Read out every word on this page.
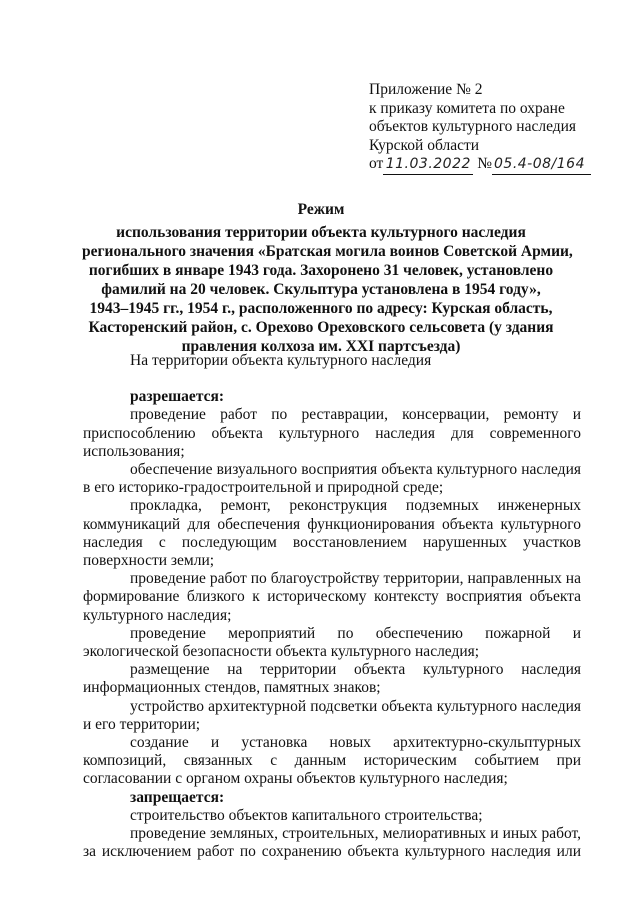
Приложение № 2
к приказу комитета по охране
объектов культурного наследия
Курской области
от 11.03.2022 № 05.4-08/164
Режим
использования территории объекта культурного наследия
регионального значения «Братская могила воинов Советской Армии,
погибших в январе 1943 года. Захоронено 31 человек, установлено
фамилий на 20 человек. Скульптура установлена в 1954 году»,
1943–1945 гг., 1954 г., расположенного по адресу: Курская область,
Касторенский район, с. Орехово Ореховского сельсовета (у здания
правления колхоза им. XXI партсъезда)

На территории объекта культурного наследия

разрешается:

проведение работ по реставрации, консервации, ремонту и приспособлению объекта культурного наследия для современного использования;

обеспечение визуального восприятия объекта культурного наследия в его историко-градостроительной и природной среде;

прокладка, ремонт, реконструкция подземных инженерных коммуникаций для обеспечения функционирования объекта культурного наследия с последующим восстановлением нарушенных участков поверхности земли;

проведение работ по благоустройству территории, направленных на формирование близкого к историческому контексту восприятия объекта культурного наследия;

проведение мероприятий по обеспечению пожарной и экологической безопасности объекта культурного наследия;

размещение на территории объекта культурного наследия информационных стендов, памятных знаков;

устройство архитектурной подсветки объекта культурного наследия и его территории;

создание и установка новых архитектурно-скульптурных композиций, связанных с данным историческим событием при согласовании с органом охраны объектов культурного наследия;

запрещается:

строительство объектов капитального строительства;

проведение земляных, строительных, мелиоративных и иных работ, за исключением работ по сохранению объекта культурного наследия или
